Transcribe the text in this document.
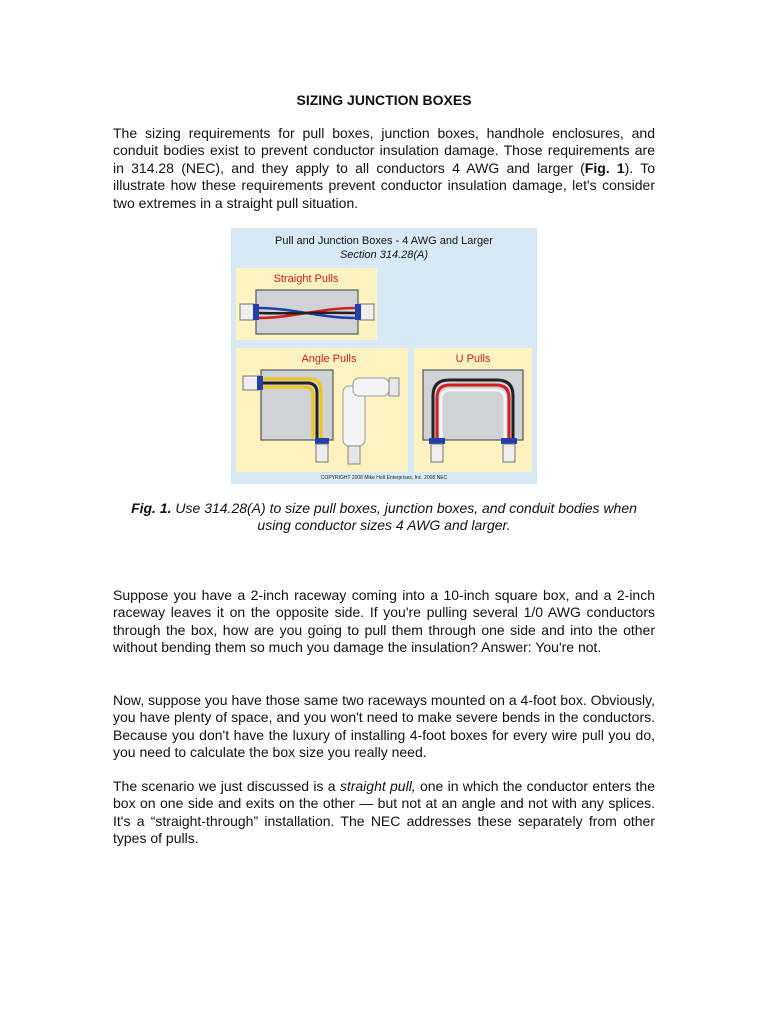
SIZING JUNCTION BOXES

The sizing requirements for pull boxes, junction boxes, handhole enclosures, and conduit bodies exist to prevent conductor insulation damage. Those requirements are in 314.28 (NEC), and they apply to all conductors 4 AWG and larger (Fig. 1). To illustrate how these requirements prevent conductor insulation damage, let's consider two extremes in a straight pull situation.

Pull and Junction Boxes - 4 AWG and Larger
Section 314.28(A)
Straight Pulls
Angle Pulls	U Pulls
COPYRIGHT 2008 Mike Holt Enterprises, Inc. 2008 NEC
Fig. 1. Use 314.28(A) to size pull boxes, junction boxes, and conduit bodies when using conductor sizes 4 AWG and larger.

Suppose you have a 2-inch raceway coming into a 10-inch square box, and a 2-inch raceway leaves it on the opposite side. If you're pulling several 1/0 AWG conductors through the box, how are you going to pull them through one side and into the other without bending them so much you damage the insulation? Answer: You're not.

Now, suppose you have those same two raceways mounted on a 4-foot box. Obviously, you have plenty of space, and you won't need to make severe bends in the conductors. Because you don't have the luxury of installing 4-foot boxes for every wire pull you do, you need to calculate the box size you really need.

The scenario we just discussed is a straight pull, one in which the conductor enters the box on one side and exits on the other — but not at an angle and not with any splices. It's a “straight-through” installation. The NEC addresses these separately from other types of pulls.
